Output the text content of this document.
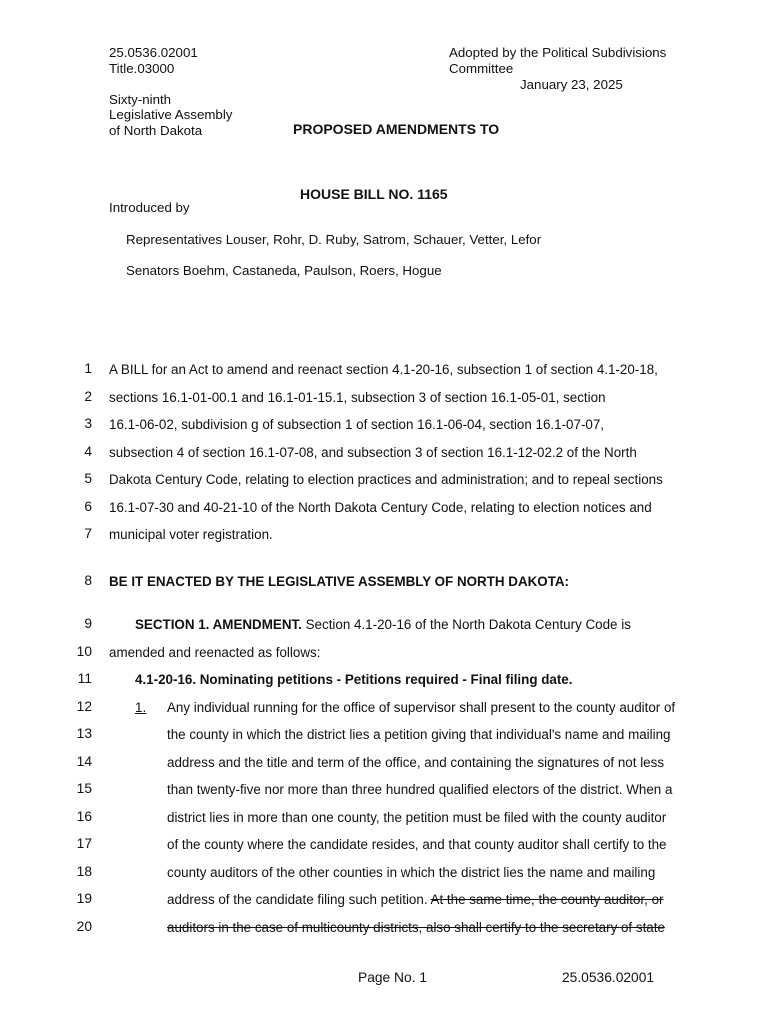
25.0536.02001
Title.03000
Adopted by the Political Subdivisions
Committee
January 23, 2025
Sixty-ninth
Legislative Assembly
of North Dakota	PROPOSED AMENDMENTS TO
HOUSE BILL NO. 1165
Introduced by
Representatives Louser, Rohr, D. Ruby, Satrom, Schauer, Vetter, Lefor
Senators Boehm, Castaneda, Paulson, Roers, Hogue
1 A BILL for an Act to amend and reenact section 4.1-20-16, subsection 1 of section 4.1-20-18,
2 sections 16.1-01-00.1 and 16.1-01-15.1, subsection 3 of section 16.1-05-01, section
3 16.1-06-02, subdivision g of subsection 1 of section 16.1-06-04, section 16.1-07-07,
4 subsection 4 of section 16.1-07-08, and subsection 3 of section 16.1-12-02.2 of the North
5 Dakota Century Code, relating to election practices and administration; and to repeal sections
6 16.1-07-30 and 40-21-10 of the North Dakota Century Code, relating to election notices and
7 municipal voter registration.
8 BE IT ENACTED BY THE LEGISLATIVE ASSEMBLY OF NORTH DAKOTA:
9	SECTION 1. AMENDMENT. Section 4.1-20-16 of the North Dakota Century Code is
10 amended and reenacted as follows:
11	4.1-20-16. Nominating petitions - Petitions required - Final filing date.
12	1. Any individual running for the office of supervisor shall present to the county auditor of
13	the county in which the district lies a petition giving that individual's name and mailing
14	address and the title and term of the office, and containing the signatures of not less
15	than twenty-five nor more than three hundred qualified electors of the district. When a
16	district lies in more than one county, the petition must be filed with the county auditor
17	of the county where the candidate resides, and that county auditor shall certify to the
18	county auditors of the other counties in which the district lies the name and mailing
19	address of the candidate filing such petition. At the same time, the county auditor, or
20	auditors in the case of multicounty districts, also shall certify to the secretary of state
Page No. 1	25.0536.02001
